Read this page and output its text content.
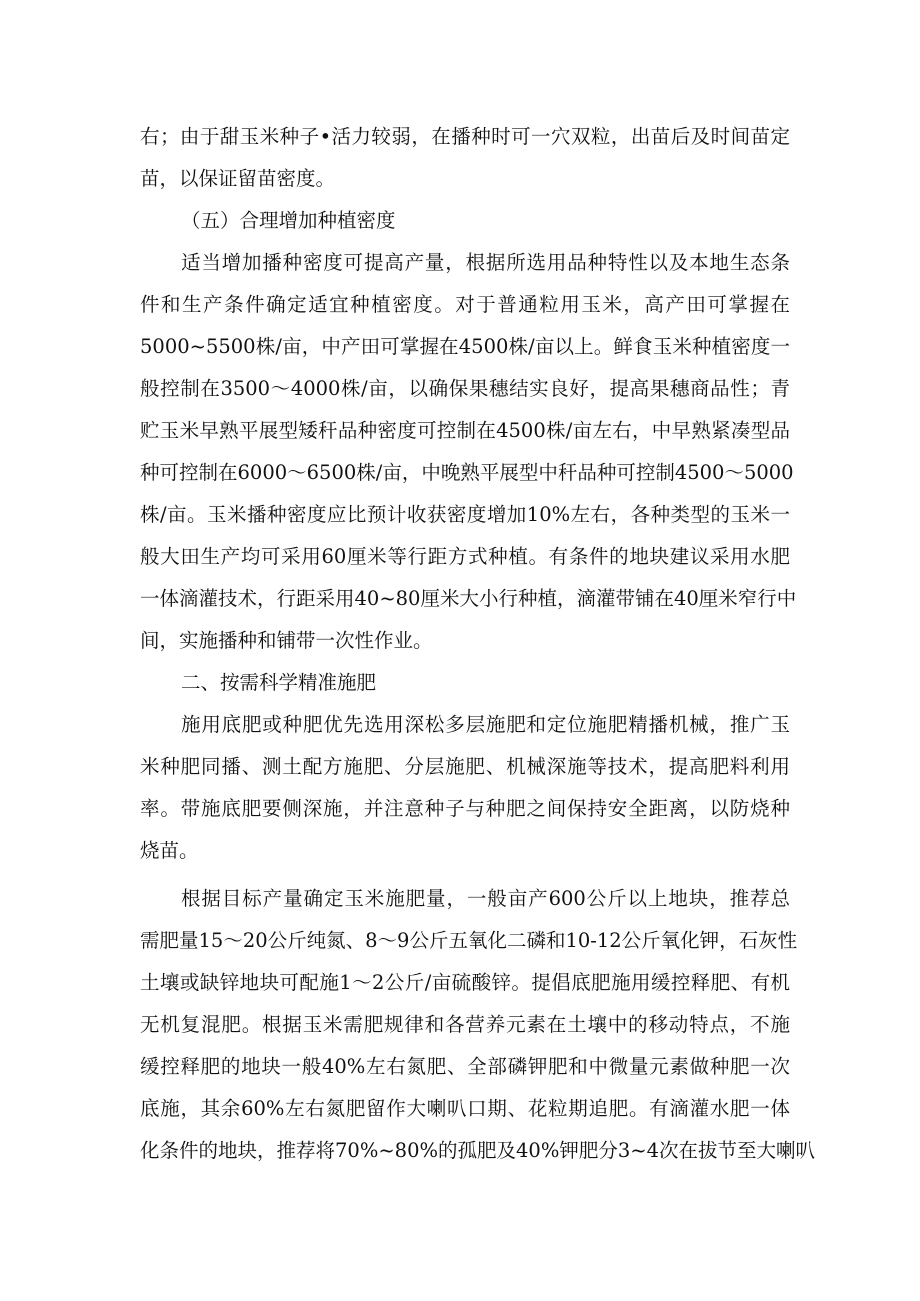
右；由于甜玉米种子•活力较弱，在播种时可一穴双粒，出苗后及时间苗定
苗，以保证留苗密度。
（五）合理增加种植密度
适当增加播种密度可提高产量，根据所选用品种特性以及本地生态条
件和生产条件确定适宜种植密度。对于普通粒用玉米，高产田可掌握在
5000~5500株/亩，中产田可掌握在4500株/亩以上。鲜食玉米种植密度一
般控制在3500～4000株/亩，以确保果穗结实良好，提高果穗商品性；青
贮玉米早熟平展型矮秆品种密度可控制在4500株/亩左右，中早熟紧凑型品
种可控制在6000～6500株/亩，中晚熟平展型中秆品种可控制4500～5000
株/亩。玉米播种密度应比预计收获密度增加10%左右，各种类型的玉米一
般大田生产均可采用60厘米等行距方式种植。有条件的地块建议采用水肥
一体滴灌技术，行距采用40~80厘米大小行种植，滴灌带铺在40厘米窄行中
间，实施播种和铺带一次性作业。
二、按需科学精准施肥
施用底肥或种肥优先选用深松多层施肥和定位施肥精播机械，推广玉
米种肥同播、测土配方施肥、分层施肥、机械深施等技术，提高肥料利用
率。带施底肥要侧深施，并注意种子与种肥之间保持安全距离，以防烧种
烧苗。
根据目标产量确定玉米施肥量，一般亩产600公斤以上地块，推荐总
需肥量15～20公斤纯氮、8～9公斤五氧化二磷和10-12公斤氧化钾，石灰性
土壤或缺锌地块可配施1～2公斤/亩硫酸锌。提倡底肥施用缓控释肥、有机
无机复混肥。根据玉米需肥规律和各营养元素在土壤中的移动特点，不施
缓控释肥的地块一般40%左右氮肥、全部磷钾肥和中微量元素做种肥一次
底施，其余60%左右氮肥留作大喇叭口期、花粒期追肥。有滴灌水肥一体
化条件的地块，推荐将70%~80%的孤肥及40%钾肥分3~4次在拔节至大喇叭
